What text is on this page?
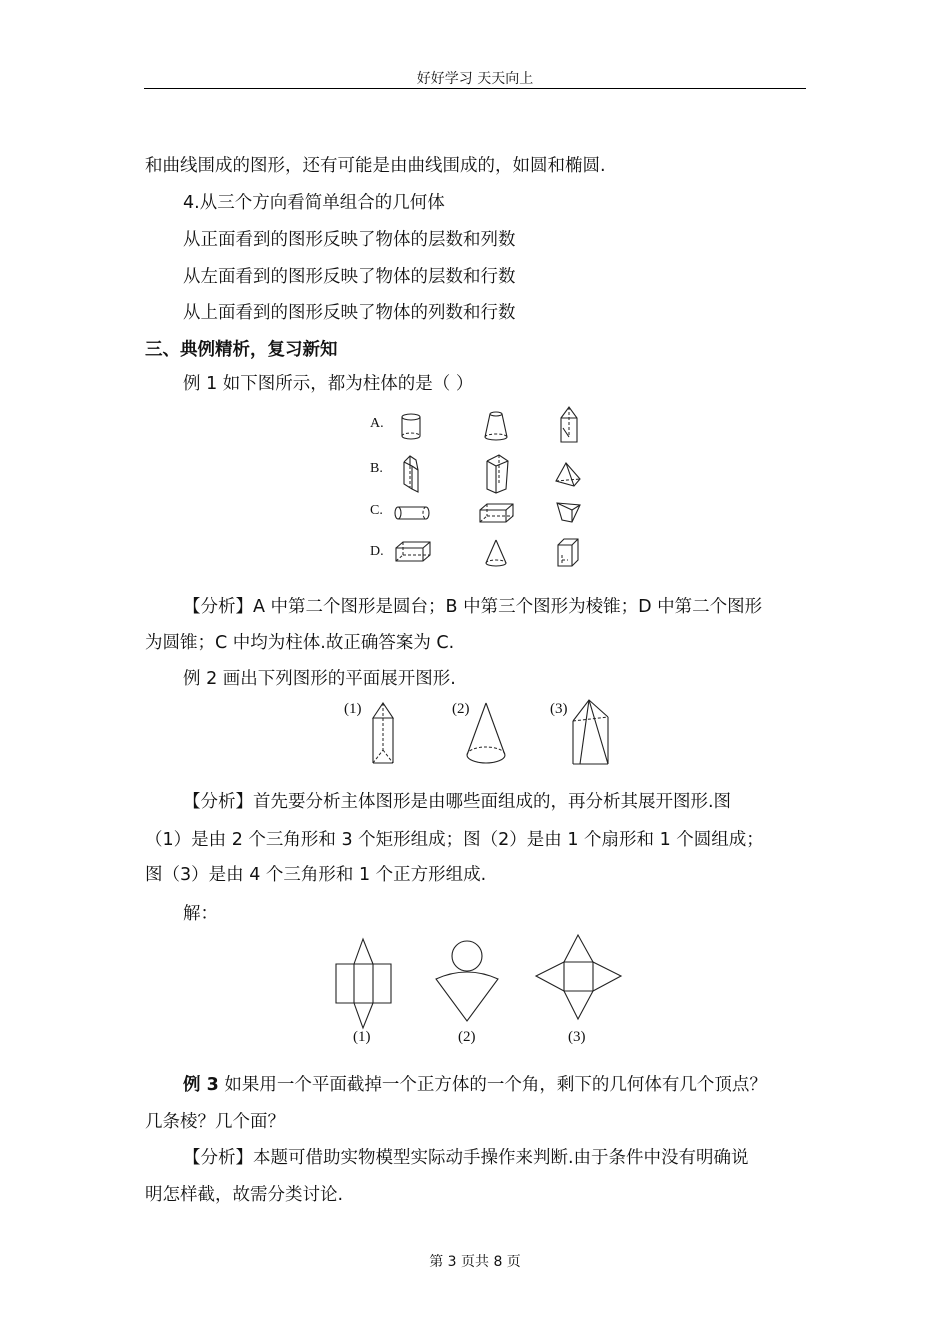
好好学习 天天向上
和曲线围成的图形，还有可能是由曲线围成的，如圆和椭圆.
4.从三个方向看简单组合的几何体
从正面看到的图形反映了物体的层数和列数
从左面看到的图形反映了物体的层数和行数
从上面看到的图形反映了物体的列数和行数
三、典例精析，复习新知
例 1 如下图所示，都为柱体的是（ ）
A.
B.
C.
D.
【分析】A 中第二个图形是圆台；B 中第三个图形为棱锥；D 中第二个图形
为圆锥；C 中均为柱体.故正确答案为 C.
例 2 画出下列图形的平面展开图形.
(1)	(2)	(3)
【分析】首先要分析主体图形是由哪些面组成的，再分析其展开图形.图
（1）是由 2 个三角形和 3 个矩形组成；图（2）是由 1 个扇形和 1 个圆组成；
图（3）是由 4 个三角形和 1 个正方形组成.
解：
(1)	(2)	(3)
例 3 如果用一个平面截掉一个正方体的一个角，剩下的几何体有几个顶点？
几条棱？几个面？
【分析】本题可借助实物模型实际动手操作来判断.由于条件中没有明确说
明怎样截，故需分类讨论.
第 3 页共 8 页
